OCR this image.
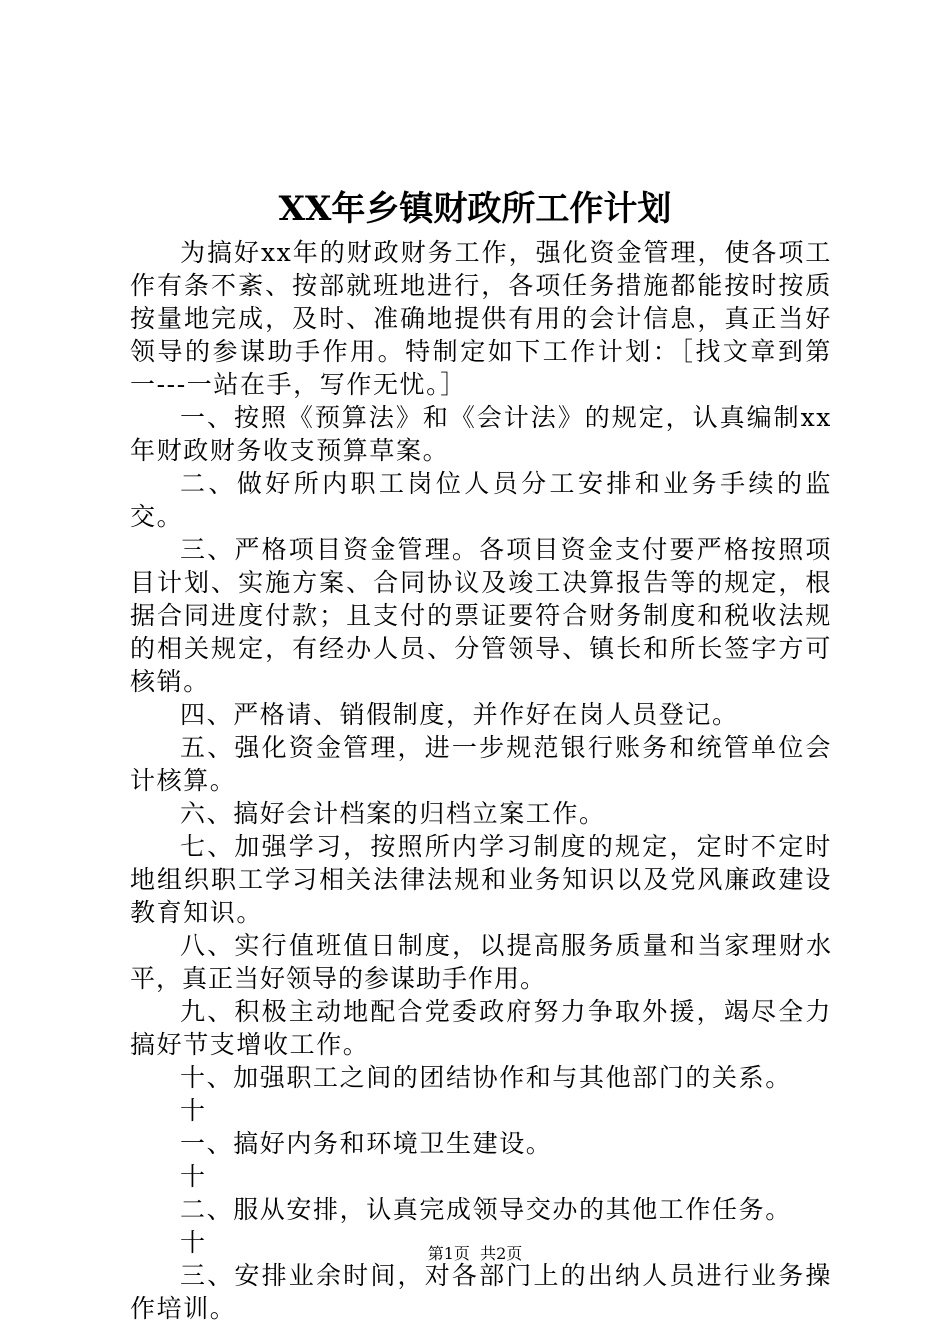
XX年乡镇财政所工作计划

为搞好xx年的财政财务工作，强化资金管理，使各项工作有条不紊、按部就班地进行，各项任务措施都能按时按质按量地完成，及时、准确地提供有用的会计信息，真正当好领导的参谋助手作用。特制定如下工作计划：［找文章到第一---一站在手，写作无忧。］

一、按照《预算法》和《会计法》的规定，认真编制xx年财政财务收支预算草案。

二、做好所内职工岗位人员分工安排和业务手续的监交。

三、严格项目资金管理。各项目资金支付要严格按照项目计划、实施方案、合同协议及竣工决算报告等的规定，根据合同进度付款；且支付的票证要符合财务制度和税收法规的相关规定，有经办人员、分管领导、镇长和所长签字方可核销。

四、严格请、销假制度，并作好在岗人员登记。

五、强化资金管理，进一步规范银行账务和统管单位会计核算。

六、搞好会计档案的归档立案工作。

七、加强学习，按照所内学习制度的规定，定时不定时地组织职工学习相关法律法规和业务知识以及党风廉政建设教育知识。

八、实行值班值日制度，以提高服务质量和当家理财水平，真正当好领导的参谋助手作用。

九、积极主动地配合党委政府努力争取外援，竭尽全力搞好节支增收工作。

十、加强职工之间的团结协作和与其他部门的关系。

十

一、搞好内务和环境卫生建设。

十

二、服从安排，认真完成领导交办的其他工作任务。

十

三、安排业余时间，对各部门上的出纳人员进行业务操作培训。

第1页 共2页
